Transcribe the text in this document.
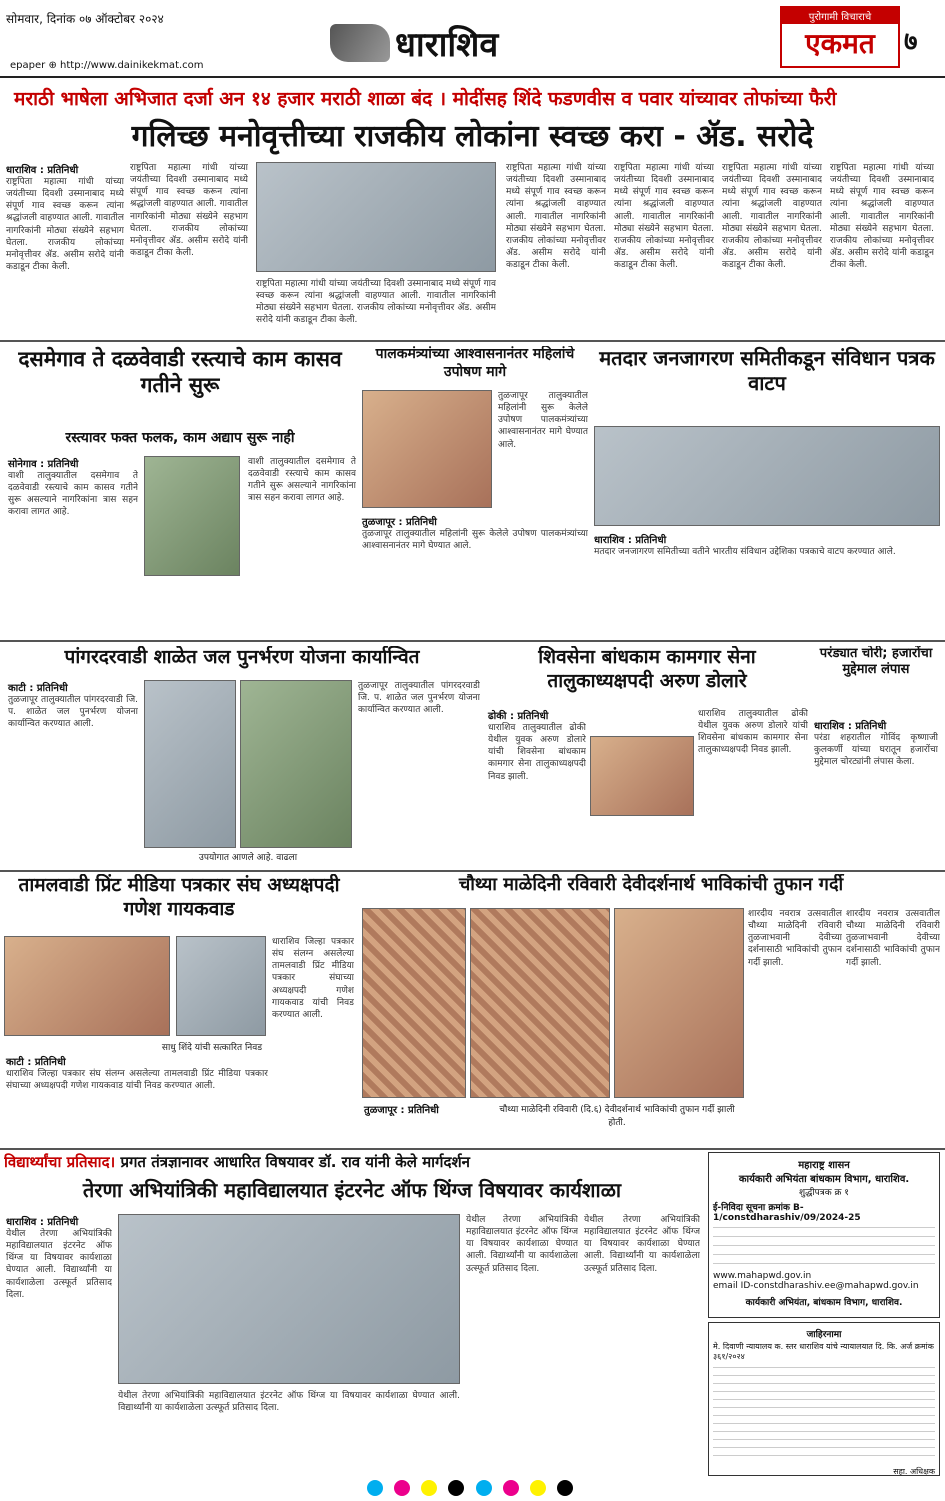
सोमवार, दिनांक ०७ ऑक्टोबर २०२४
epaper ⊕ http://www.dainikekmat.com
धाराशिव
पुरोगामी विचाराचे
एकमत	७
मराठी भाषेला अभिजात दर्जा अन १४ हजार मराठी शाळा बंद । मोदींसह शिंदे फडणवीस व पवार यांच्यावर तोफांच्या फैरी
गलिच्छ मनोवृत्तीच्या राजकीय लोकांना स्वच्छ करा - ॲड. सरोदे
धाराशिव : प्रतिनिधी
राष्ट्रपिता महात्मा गांधी यांच्या जयंतीच्या दिवशी उस्मानाबाद मध्ये संपूर्ण गाव स्वच्छ करून त्यांना श्रद्धांजली वाहण्यात आली. गावातील नागरिकांनी मोठ्या संख्येने सहभाग घेतला. राजकीय लोकांच्या मनोवृत्तीवर ॲड. असीम सरोदे यांनी कडाडून टीका केली.
राष्ट्रपिता महात्मा गांधी यांच्या जयंतीच्या दिवशी उस्मानाबाद मध्ये संपूर्ण गाव स्वच्छ करून त्यांना श्रद्धांजली वाहण्यात आली. गावातील नागरिकांनी मोठ्या संख्येने सहभाग घेतला. राजकीय लोकांच्या मनोवृत्तीवर ॲड. असीम सरोदे यांनी कडाडून टीका केली.
राष्ट्रपिता महात्मा गांधी यांच्या जयंतीच्या दिवशी उस्मानाबाद मध्ये संपूर्ण गाव स्वच्छ करून त्यांना श्रद्धांजली वाहण्यात आली. गावातील नागरिकांनी मोठ्या संख्येने सहभाग घेतला. राजकीय लोकांच्या मनोवृत्तीवर ॲड. असीम सरोदे यांनी कडाडून टीका केली.
राष्ट्रपिता महात्मा गांधी यांच्या जयंतीच्या दिवशी उस्मानाबाद मध्ये संपूर्ण गाव स्वच्छ करून त्यांना श्रद्धांजली वाहण्यात आली. गावातील नागरिकांनी मोठ्या संख्येने सहभाग घेतला. राजकीय लोकांच्या मनोवृत्तीवर ॲड. असीम सरोदे यांनी कडाडून टीका केली.
राष्ट्रपिता महात्मा गांधी यांच्या जयंतीच्या दिवशी उस्मानाबाद मध्ये संपूर्ण गाव स्वच्छ करून त्यांना श्रद्धांजली वाहण्यात आली. गावातील नागरिकांनी मोठ्या संख्येने सहभाग घेतला. राजकीय लोकांच्या मनोवृत्तीवर ॲड. असीम सरोदे यांनी कडाडून टीका केली.
राष्ट्रपिता महात्मा गांधी यांच्या जयंतीच्या दिवशी उस्मानाबाद मध्ये संपूर्ण गाव स्वच्छ करून त्यांना श्रद्धांजली वाहण्यात आली. गावातील नागरिकांनी मोठ्या संख्येने सहभाग घेतला. राजकीय लोकांच्या मनोवृत्तीवर ॲड. असीम सरोदे यांनी कडाडून टीका केली.
राष्ट्रपिता महात्मा गांधी यांच्या जयंतीच्या दिवशी उस्मानाबाद मध्ये संपूर्ण गाव स्वच्छ करून त्यांना श्रद्धांजली वाहण्यात आली. गावातील नागरिकांनी मोठ्या संख्येने सहभाग घेतला. राजकीय लोकांच्या मनोवृत्तीवर ॲड. असीम सरोदे यांनी कडाडून टीका केली.
दसमेगाव ते दळवेवाडी रस्त्याचे काम कासव गतीने सुरू
रस्त्यावर फक्त फलक, काम अद्याप सुरू नाही
सोनेगाव : प्रतिनिधी
वाशी तालुक्यातील दसमेगाव ते दळवेवाडी रस्त्याचे काम कासव गतीने सुरू असल्याने नागरिकांना त्रास सहन करावा लागत आहे.
वाशी तालुक्यातील दसमेगाव ते दळवेवाडी रस्त्याचे काम कासव गतीने सुरू असल्याने नागरिकांना त्रास सहन करावा लागत आहे.
पालकमंत्र्यांच्या आश्वासनानंतर महिलांचे उपोषण मागे
तुळजापूर तालुक्यातील महिलांनी सुरू केलेले उपोषण पालकमंत्र्यांच्या आश्वासनानंतर मागे घेण्यात आले.
तुळजापूर : प्रतिनिधी
तुळजापूर तालुक्यातील महिलांनी सुरू केलेले उपोषण पालकमंत्र्यांच्या आश्वासनानंतर मागे घेण्यात आले.
मतदार जनजागरण समितीकडून संविधान पत्रक वाटप
धाराशिव : प्रतिनिधी
मतदार जनजागरण समितीच्या वतीने भारतीय संविधान उद्देशिका पत्रकाचे वाटप करण्यात आले.
पांगरदरवाडी शाळेत जल पुनर्भरण योजना कार्यान्वित
काटी : प्रतिनिधी
तुळजापूर तालुक्यातील पांगरदरवाडी जि. प. शाळेत जल पुनर्भरण योजना कार्यान्वित करण्यात आली.
उपयोगात आणले आहे. वाढला
तुळजापूर तालुक्यातील पांगरदरवाडी जि. प. शाळेत जल पुनर्भरण योजना कार्यान्वित करण्यात आली.
शिवसेना बांधकाम कामगार सेना तालुकाध्यक्षपदी अरुण डोलारे
ढोकी : प्रतिनिधी
धाराशिव तालुक्यातील ढोकी येथील युवक अरुण डोलारे यांची शिवसेना बांधकाम कामगार सेना तालुकाध्यक्षपदी निवड झाली.
धाराशिव तालुक्यातील ढोकी येथील युवक अरुण डोलारे यांची शिवसेना बांधकाम कामगार सेना तालुकाध्यक्षपदी निवड झाली.
परंड्यात चोरी; हजारोंचा मुद्देमाल लंपास
धाराशिव : प्रतिनिधी
परंडा शहरातील गोविंद कृष्णाजी कुलकर्णी यांच्या घरातून हजारोंचा मुद्देमाल चोरट्यांनी लंपास केला.
तामलवाडी प्रिंट मीडिया पत्रकार संघ अध्यक्षपदी गणेश गायकवाड
साधु शिंदे यांची सत्कारित निवड
काटी : प्रतिनिधी
धाराशिव जिल्हा पत्रकार संघ संलग्न असलेल्या तामलवाडी प्रिंट मीडिया पत्रकार संघाच्या अध्यक्षपदी गणेश गायकवाड यांची निवड करण्यात आली.
धाराशिव जिल्हा पत्रकार संघ संलग्न असलेल्या तामलवाडी प्रिंट मीडिया पत्रकार संघाच्या अध्यक्षपदी गणेश गायकवाड यांची निवड करण्यात आली.
चौथ्या माळेदिनी रविवारी देवीदर्शनार्थ भाविकांची तुफान गर्दी
तुळजापूर : प्रतिनिधी	चौथ्या माळेदिनी रविवारी (दि.६) देवीदर्शनार्थ भाविकांची तुफान गर्दी झाली होती.
शारदीय नवरात्र उत्सवातील चौथ्या माळेदिनी रविवारी तुळजाभवानी देवीच्या दर्शनासाठी भाविकांची तुफान गर्दी झाली.
शारदीय नवरात्र उत्सवातील चौथ्या माळेदिनी रविवारी तुळजाभवानी देवीच्या दर्शनासाठी भाविकांची तुफान गर्दी झाली.
विद्यार्थ्यांचा प्रतिसाद। प्रगत तंत्रज्ञानावर आधारित विषयावर डॉ. राव यांनी केले मार्गदर्शन
तेरणा अभियांत्रिकी महाविद्यालयात इंटरनेट ऑफ थिंग्ज विषयावर कार्यशाळा
धाराशिव : प्रतिनिधी
येथील तेरणा अभियांत्रिकी महाविद्यालयात इंटरनेट ऑफ थिंग्ज या विषयावर कार्यशाळा घेण्यात आली. विद्यार्थ्यांनी या कार्यशाळेला उत्स्फूर्त प्रतिसाद दिला.
येथील तेरणा अभियांत्रिकी महाविद्यालयात इंटरनेट ऑफ थिंग्ज या विषयावर कार्यशाळा घेण्यात आली. विद्यार्थ्यांनी या कार्यशाळेला उत्स्फूर्त प्रतिसाद दिला.
येथील तेरणा अभियांत्रिकी महाविद्यालयात इंटरनेट ऑफ थिंग्ज या विषयावर कार्यशाळा घेण्यात आली. विद्यार्थ्यांनी या कार्यशाळेला उत्स्फूर्त प्रतिसाद दिला.
येथील तेरणा अभियांत्रिकी महाविद्यालयात इंटरनेट ऑफ थिंग्ज या विषयावर कार्यशाळा घेण्यात आली. विद्यार्थ्यांनी या कार्यशाळेला उत्स्फूर्त प्रतिसाद दिला.
महाराष्ट्र शासन
कार्यकारी अभियंता बांधकाम विभाग, धाराशिव.
शुद्धीपत्रक क्र १
ई-निविदा सूचना क्रमांक B-1/constdharashiv/09/2024-25
www.mahapwd.gov.in
email ID-constdharashiv.ee@mahapwd.gov.in
कार्यकारी अभियंता, बांधकाम विभाग, धाराशिव.
जाहिरनामा
मे. दिवाणी न्यायालय क. स्तर धाराशिव यांचे न्यायालयात दि. कि. अर्ज क्रमांक ३६१/२०२४
सहा. अधिक्षक
